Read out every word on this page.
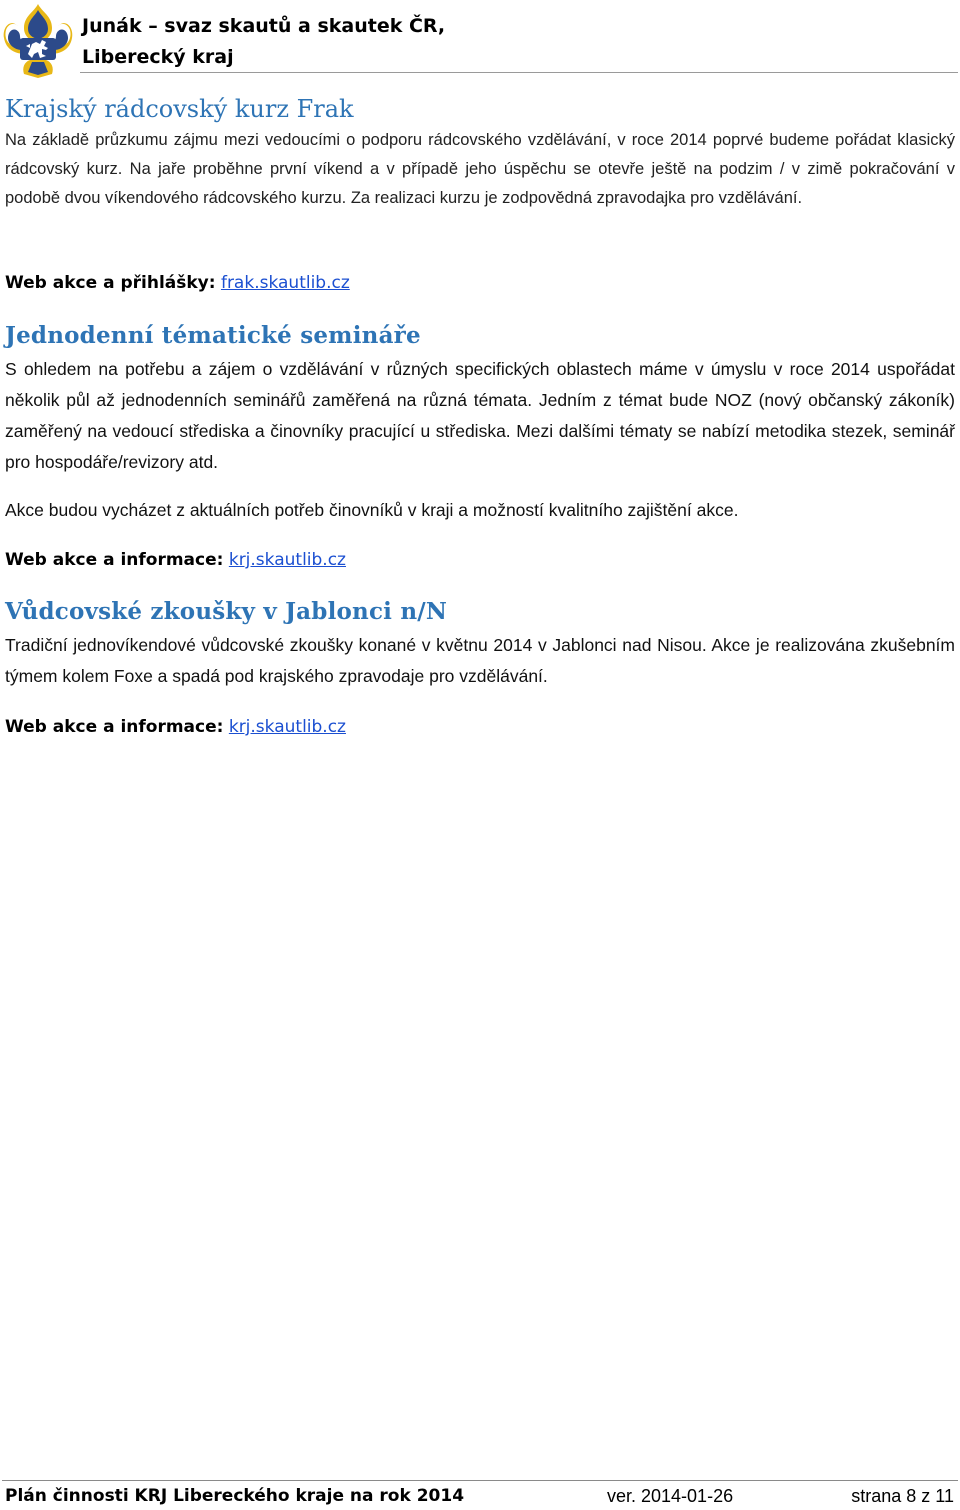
Junák – svaz skautů a skautek ČR,
Liberecký kraj
Krajský rádcovský kurz Frak

Na základě průzkumu zájmu mezi vedoucími o podporu rádcovského vzdělávání, v roce 2014 poprvé budeme pořádat klasický rádcovský kurz. Na jaře proběhne první víkend a v případě jeho úspěchu se otevře ještě na podzim / v zimě pokračování v podobě dvou víkendového rádcovského kurzu. Za realizaci kurzu je zodpovědná zpravodajka pro vzdělávání.

Web akce a přihlášky: frak.skautlib.cz
Jednodenní tématické semináře

S ohledem na potřebu a zájem o vzdělávání v různých specifických oblastech máme v úmyslu v roce 2014 uspořádat několik půl až jednodenních seminářů zaměřená na různá témata. Jedním z témat bude NOZ (nový občanský zákoník) zaměřený na vedoucí střediska a činovníky pracující u střediska. Mezi dalšími tématy se nabízí metodika stezek, seminář pro hospodáře/revizory atd.

Akce budou vycházet z aktuálních potřeb činovníků v kraji a možností kvalitního zajištění akce.

Web akce a informace: krj.skautlib.cz
Vůdcovské zkoušky v Jablonci n/N

Tradiční jednovíkendové vůdcovské zkoušky konané v květnu 2014 v Jablonci nad Nisou. Akce je realizována zkušebním týmem kolem Foxe a spadá pod krajského zpravodaje pro vzdělávání.

Web akce a informace: krj.skautlib.cz
Plán činnosti KRJ Libereckého kraje na rok 2014	ver. 2014-01-26	strana 8 z 11
